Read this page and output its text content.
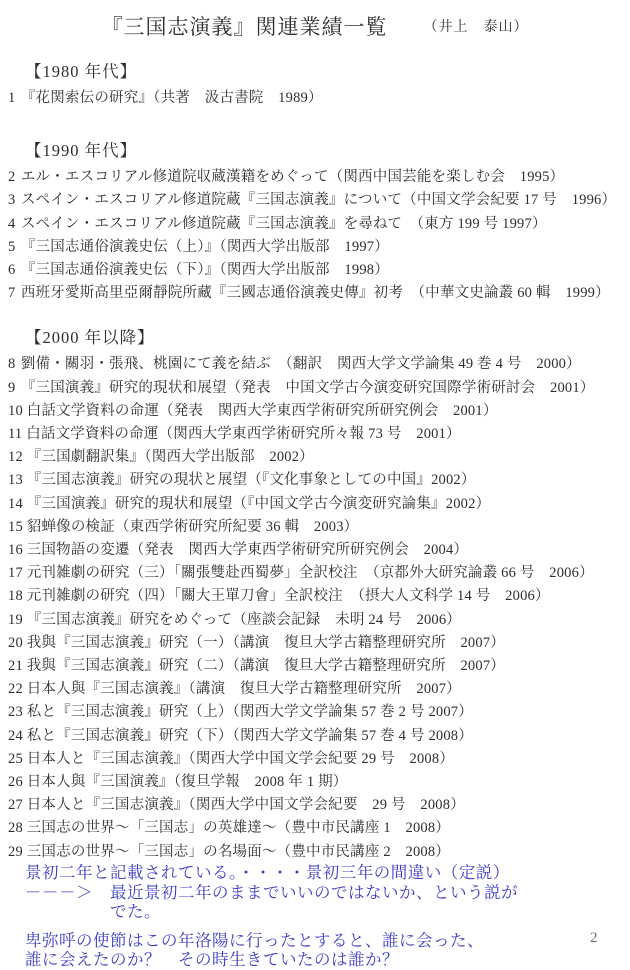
『三国志演義』関連業績一覧	（井上　泰山）
【1980 年代】
1 『花関索伝の研究』（共著　汲古書院　1989）
【1990 年代】
2 エル・エスコリアル修道院収蔵漢籍をめぐって（関西中国芸能を楽しむ会　1995）
3 スペイン・エスコリアル修道院蔵『三国志演義』について（中国文学会紀要 17 号　1996）
4 スペイン・エスコリアル修道院蔵『三国志演義』を尋ねて　（東方 199 号 1997）
5 『三国志通俗演義史伝（上）』（関西大学出版部　1997）
6 『三国志通俗演義史伝（下）』（関西大学出版部　1998）
7 西班牙愛斯高里亞爾靜院所藏『三國志通俗演義史傳』初考　（中華文史論叢 60 輯　1999）
【2000 年以降】
8 劉備・關羽・張飛、桃園にて義を結ぶ　（翻訳　関西大学文学論集 49 巻 4 号　2000）
9 『三国演義』研究的現状和展望（発表　中国文学古今演変研究国際学術研討会　2001）
10 白話文学資料の命運（発表　関西大学東西学術研究所研究例会　2001）
11 白話文学資料の命運（関西大学東西学術研究所々報 73 号　2001）
12 『三国劇翻訳集』（関西大学出版部　2002）
13 『三国志演義』研究の現状と展望（『文化事象としての中国』2002）
14 『三国演義』研究的現状和展望（『中国文学古今演変研究論集』2002）
15 貂蝉像の検証（東西学術研究所紀要 36 輯　2003）
16 三国物語の変遷（発表　関西大学東西学術研究所研究例会　2004）
17 元刊雑劇の研究（三）「關張雙赴西蜀夢」全訳校注　（京都外大研究論叢 66 号　2006）
18 元刊雑劇の研究（四）「關大王單刀會」全訳校注　（摂大人文科学 14 号　2006）
19 『三国志演義』研究をめぐって（座談会記録　未明 24 号　2006）
20 我與『三国志演義』研究（一）（講演　復旦大学古籍整理研究所　2007）
21 我與『三国志演義』研究（二）（講演　復旦大学古籍整理研究所　2007）
22 日本人與『三国志演義』（講演　復旦大学古籍整理研究所　2007）
23 私と『三国志演義』研究（上）（関西大学文学論集 57 巻 2 号 2007）
24 私と『三国志演義』研究（下）（関西大学文学論集 57 巻 4 号 2008）
25 日本人と『三国志演義』（関西大学中国文学会紀要 29 号　2008）
26 日本人與『三国演義』（復旦学報　2008 年 1 期）
27 日本人と『三国志演義』（関西大学中国文学会紀要　29 号　2008）
28 三国志の世界〜「三国志」の英雄達〜（豊中市民講座 1　2008）
29 三国志の世界〜「三国志」の名場面〜（豊中市民講座 2　2008）
景初二年と記載されている。・・・・景初三年の間違い（定説）
－－－＞　最近景初二年のままでいいのではないか、という説が
　　　　　でた。
卑弥呼の使節はこの年洛陽に行ったとすると、誰に会った、
誰に会えたのか？　その時生きていたのは誰か？
2
